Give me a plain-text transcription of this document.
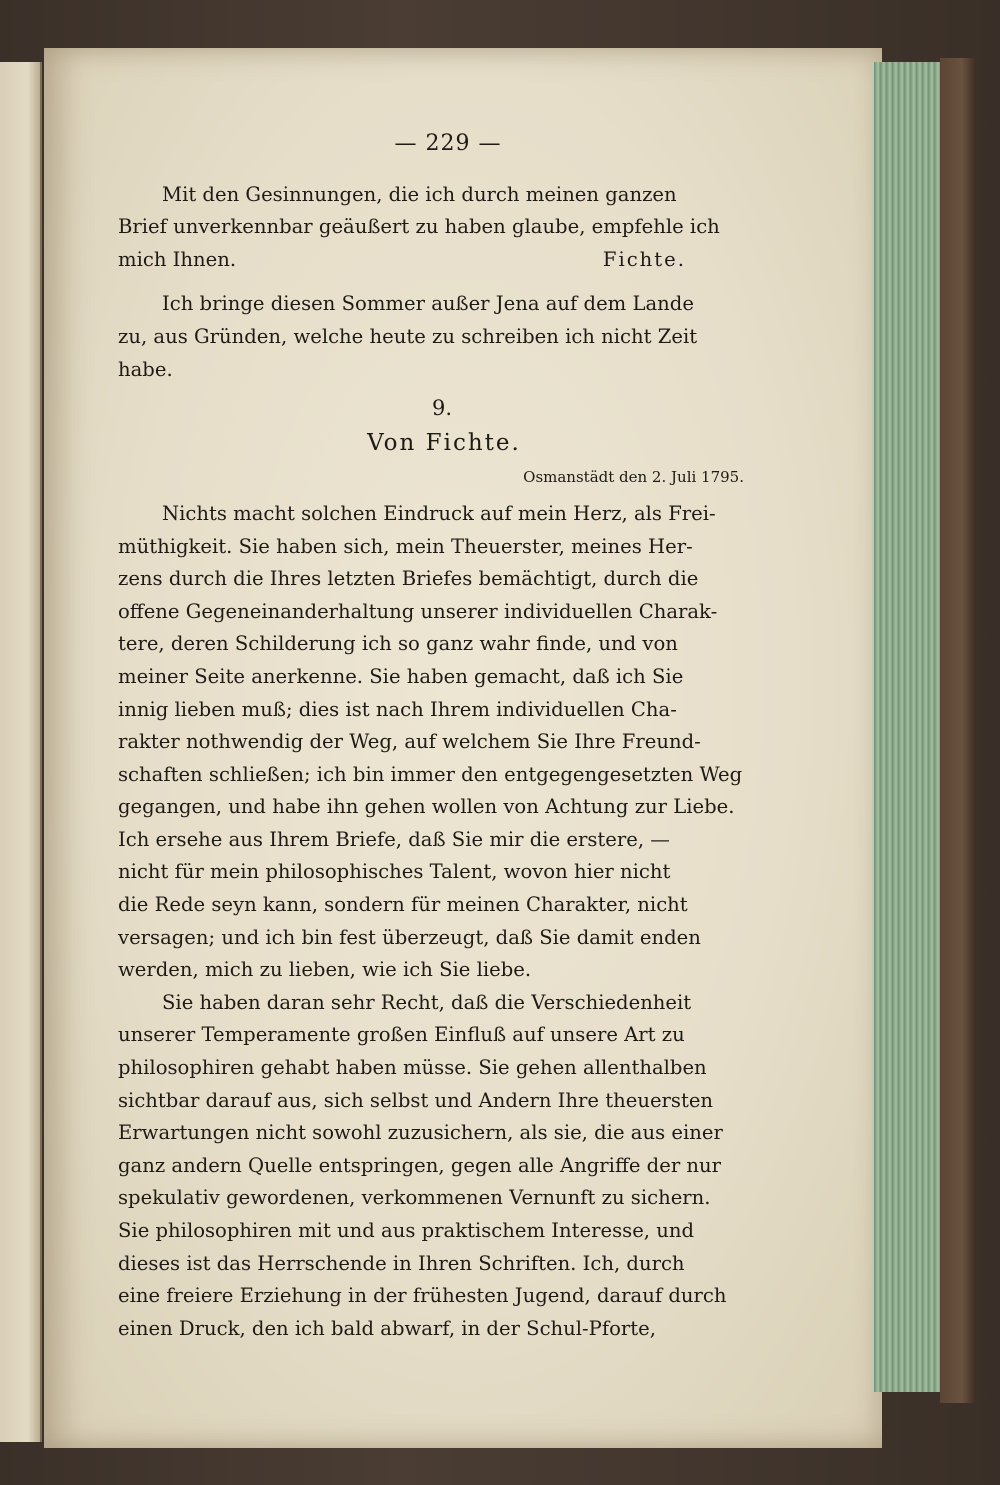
— 229 —

Mit den Gesinnungen, die ich durch meinen ganzen

Brief unverkennbar geäußert zu haben glaube, empfehle ich

mich Ihnen.	Fichte.

Ich bringe diesen Sommer außer Jena auf dem Lande

zu, aus Gründen, welche heute zu schreiben ich nicht Zeit

habe.

9.
Von Fichte.
Osmanstädt den 2. Juli 1795.

Nichts macht solchen Eindruck auf mein Herz, als Frei-

müthigkeit. Sie haben sich, mein Theuerster, meines Her-

zens durch die Ihres letzten Briefes bemächtigt, durch die

offene Gegeneinanderhaltung unserer individuellen Charak-

tere, deren Schilderung ich so ganz wahr finde, und von

meiner Seite anerkenne. Sie haben gemacht, daß ich Sie

innig lieben muß; dies ist nach Ihrem individuellen Cha-

rakter nothwendig der Weg, auf welchem Sie Ihre Freund-

schaften schließen; ich bin immer den entgegengesetzten Weg

gegangen, und habe ihn gehen wollen von Achtung zur Liebe.

Ich ersehe aus Ihrem Briefe, daß Sie mir die erstere, —

nicht für mein philosophisches Talent, wovon hier nicht

die Rede seyn kann, sondern für meinen Charakter, nicht

versagen; und ich bin fest überzeugt, daß Sie damit enden

werden, mich zu lieben, wie ich Sie liebe.

Sie haben daran sehr Recht, daß die Verschiedenheit

unserer Temperamente großen Einfluß auf unsere Art zu

philosophiren gehabt haben müsse. Sie gehen allenthalben

sichtbar darauf aus, sich selbst und Andern Ihre theuersten

Erwartungen nicht sowohl zuzusichern, als sie, die aus einer

ganz andern Quelle entspringen, gegen alle Angriffe der nur

spekulativ gewordenen, verkommenen Vernunft zu sichern.

Sie philosophiren mit und aus praktischem Interesse, und

dieses ist das Herrschende in Ihren Schriften. Ich, durch

eine freiere Erziehung in der frühesten Jugend, darauf durch

einen Druck, den ich bald abwarf, in der Schul-Pforte,
